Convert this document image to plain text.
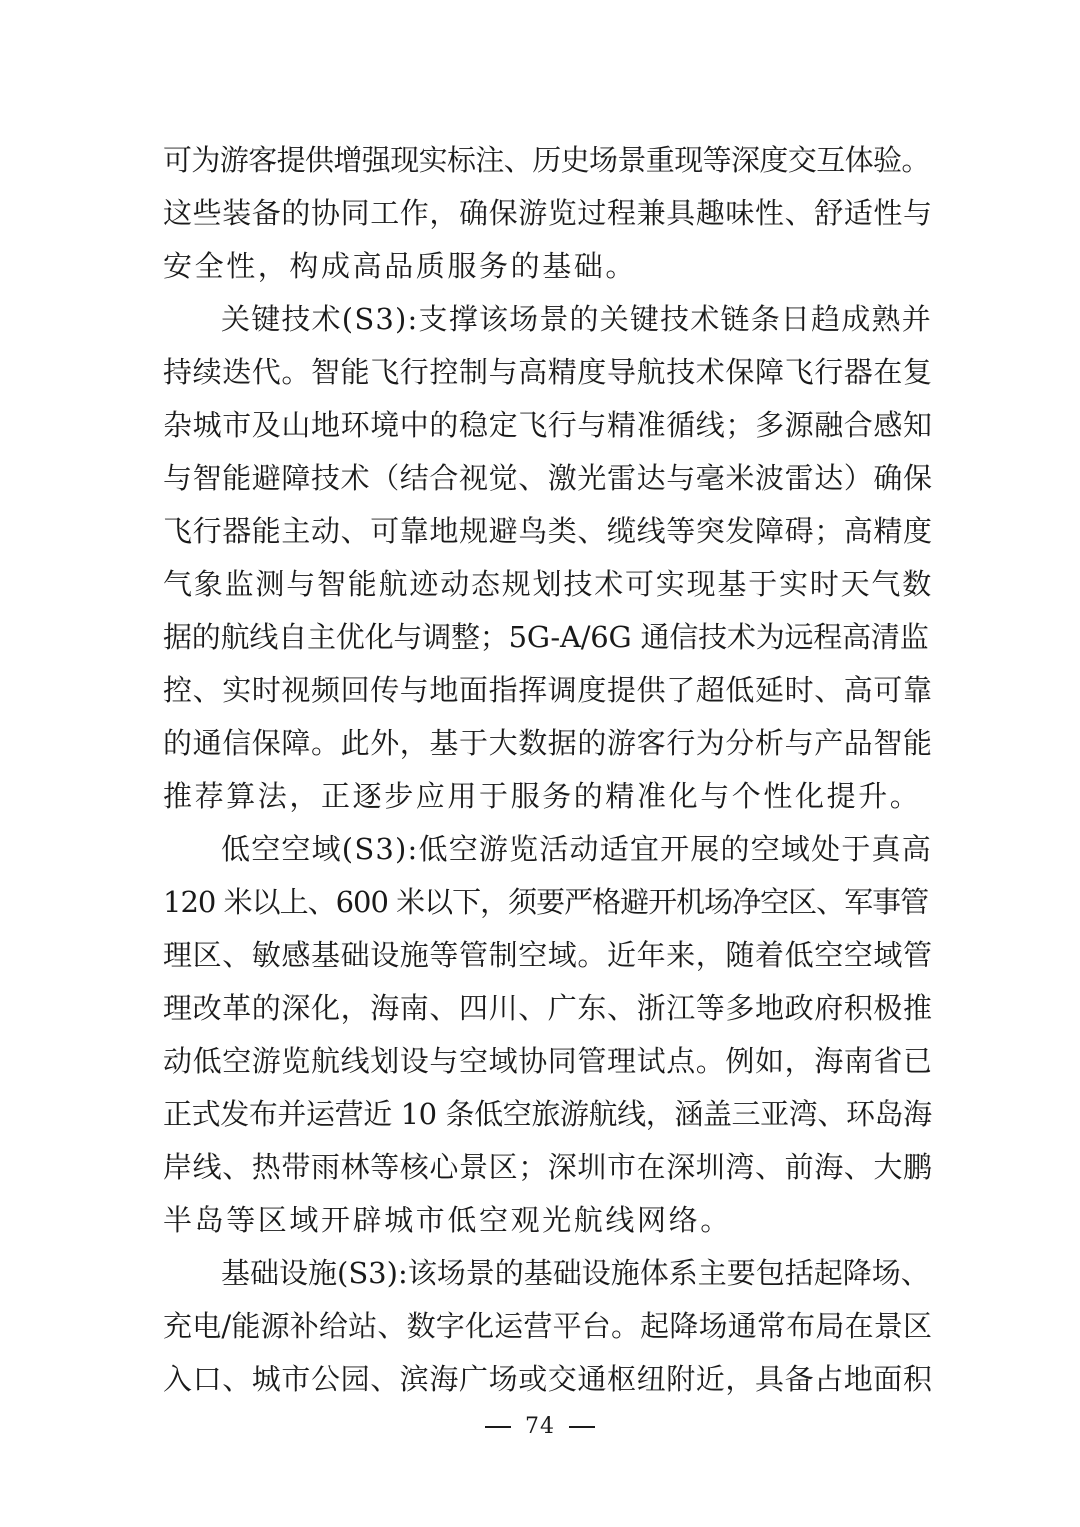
可为游客提供增强现实标注、历史场景重现等深度交互体验。
这些装备的协同工作，确保游览过程兼具趣味性、舒适性与
安全性，构成高品质服务的基础。
关键技术(S3):支撑该场景的关键技术链条日趋成熟并
持续迭代。智能飞行控制与高精度导航技术保障飞行器在复
杂城市及山地环境中的稳定飞行与精准循线；多源融合感知
与智能避障技术（结合视觉、激光雷达与毫米波雷达）确保
飞行器能主动、可靠地规避鸟类、缆线等突发障碍；高精度
气象监测与智能航迹动态规划技术可实现基于实时天气数
据的航线自主优化与调整；5G-A/6G 通信技术为远程高清监
控、实时视频回传与地面指挥调度提供了超低延时、高可靠
的通信保障。此外，基于大数据的游客行为分析与产品智能
推荐算法，正逐步应用于服务的精准化与个性化提升。
低空空域(S3):低空游览活动适宜开展的空域处于真高
120 米以上、600 米以下，须要严格避开机场净空区、军事管
理区、敏感基础设施等管制空域。近年来，随着低空空域管
理改革的深化，海南、四川、广东、浙江等多地政府积极推
动低空游览航线划设与空域协同管理试点。例如，海南省已
正式发布并运营近 10 条低空旅游航线，涵盖三亚湾、环岛海
岸线、热带雨林等核心景区；深圳市在深圳湾、前海、大鹏
半岛等区域开辟城市低空观光航线网络。
基础设施(S3):该场景的基础设施体系主要包括起降场、
充电/能源补给站、数字化运营平台。起降场通常布局在景区
入口、城市公园、滨海广场或交通枢纽附近，具备占地面积
74
